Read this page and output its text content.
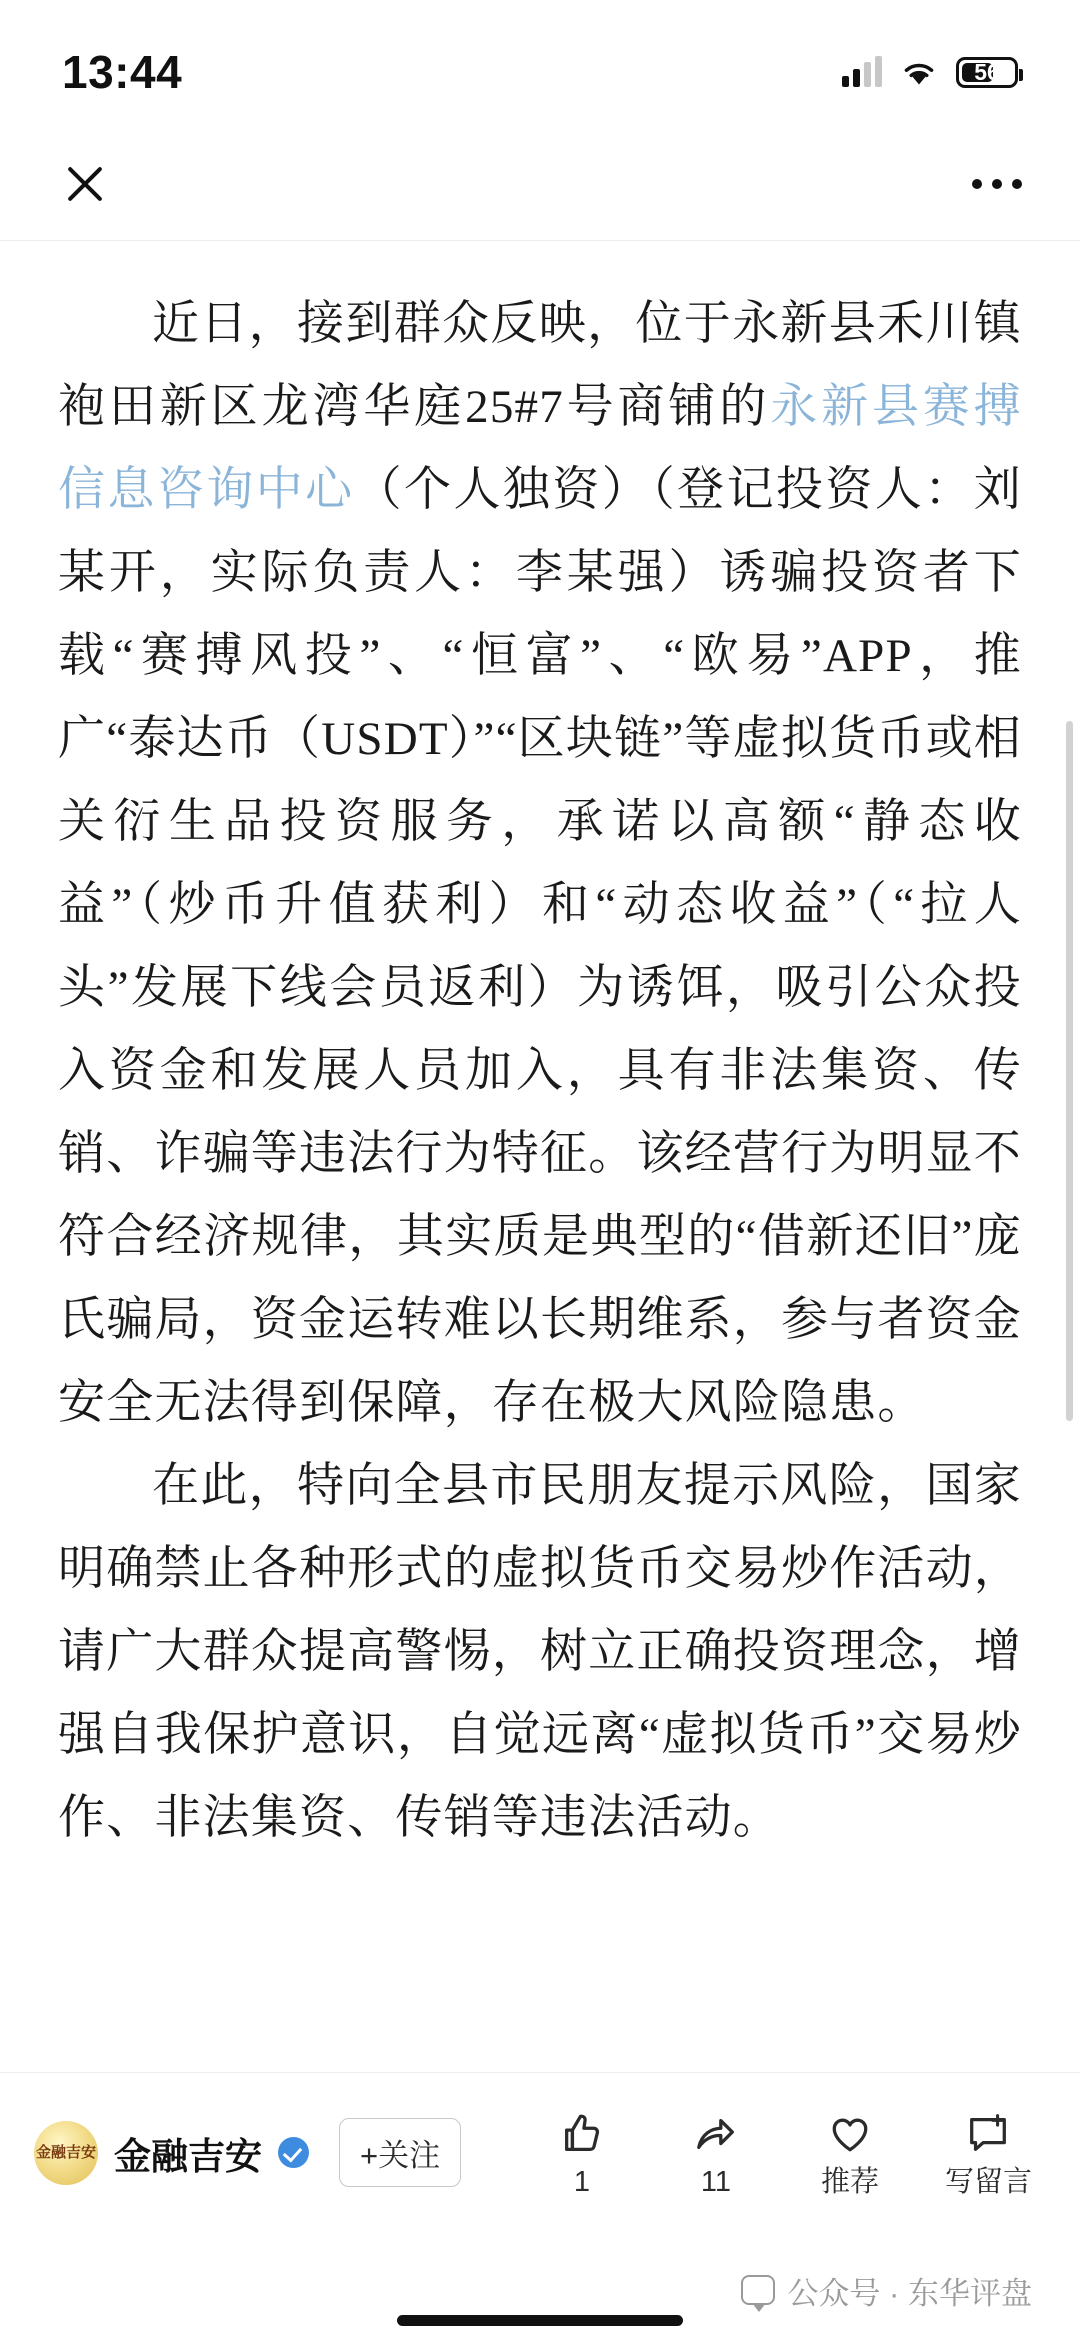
13:44	56

近日，接到群众反映，位于永新县禾川镇袍田新区龙湾华庭25#7号商铺的永新县赛搏信息咨询中心（个人独资）（登记投资人：刘某开，实际负责人：李某强）诱骗投资者下载“赛搏风投”、“恒富”、“欧易”APP，推广“泰达币（USDT）”“区块链”等虚拟货币或相关衍生品投资服务，承诺以高额“静态收益”（炒币升值获利）和“动态收益”（“拉人头”发展下线会员返利）为诱饵，吸引公众投入资金和发展人员加入，具有非法集资、传销、诈骗等违法行为特征。该经营行为明显不符合经济规律，其实质是典型的“借新还旧”庞氏骗局，资金运转难以长期维系，参与者资金安全无法得到保障，存在极大风险隐患。

在此，特向全县市民朋友提示风险，国家明确禁止各种形式的虚拟货币交易炒作活动，请广大群众提高警惕，树立正确投资理念，增强自我保护意识，自觉远离“虚拟货币”交易炒作、非法集资、传销等违法活动。

金融吉安 金融吉安	+关注
1	11	推荐 写留言
公众号 · 东华评盘
